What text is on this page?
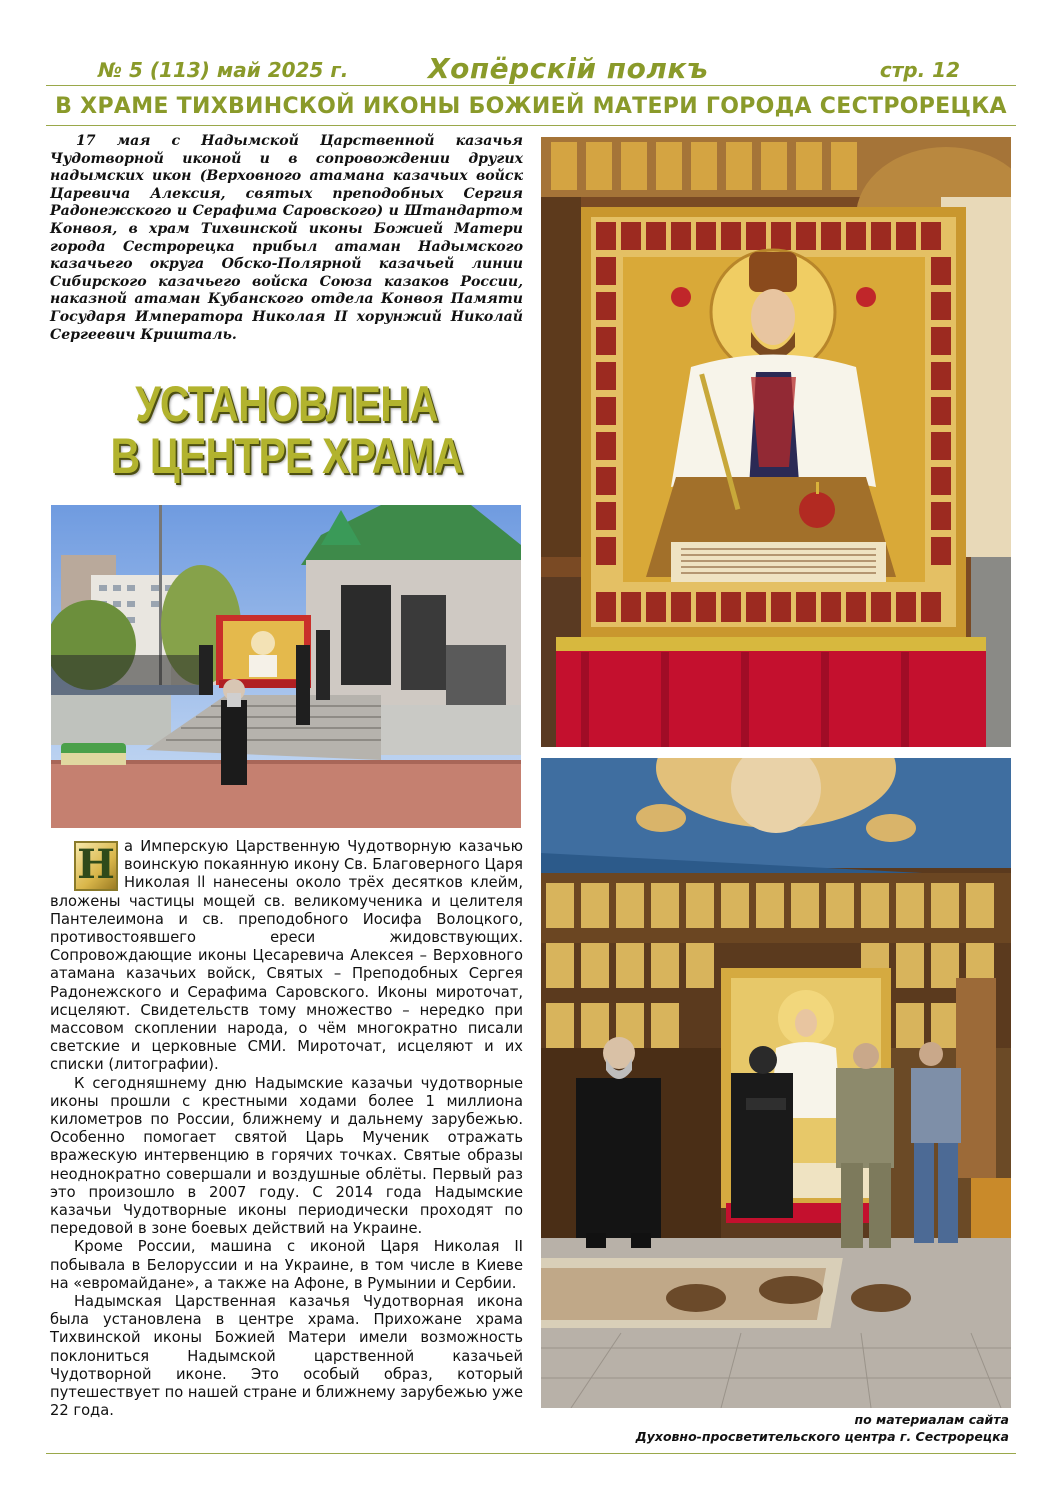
№ 5 (113) май 2025 г.	Хопёрскiй полкъ	стр. 12
В ХРАМЕ ТИХВИНСКОЙ ИКОНЫ БОЖИЕЙ МАТЕРИ ГОРОДА СЕСТРОРЕЦКА

17 мая с Надымской Царственной казачья Чудотворной иконой и в сопровождении других надымских икон (Верховного атамана казачьих войск Царевича Алексия, святых преподобных Сергия Радонежского и Серафима Саровского) и Штандартом Конвоя, в храм Тихвинской иконы Божией Матери города Сестрорецка прибыл атаман Надымского казачьего округа Обско-Полярной казачьей линии Сибирского казачьего войска Союза казаков России, наказной атаман Кубанского отдела Конвоя Памяти Государя Императора Николая II хорунжий Николай Сергеевич Кришталь.

УСТАНОВЛЕНА
В ЦЕНТРЕ ХРАМА
Н а Имперскую Царственную Чудотворную казачью воинскую покаянную икону Св. Благоверного Царя Николая ll нанесены около трёх десятков клейм, вложены частицы мощей св. великомученика и целителя Пантелеимона и св. преподобного Иосифа Волоцкого, противостоявшего ереси жидовствующих. Сопровождающие иконы Цесаревича Алексея – Верховного атамана казачьих войск, Святых – Преподобных Сергея Радонежского и Серафима Саровского. Иконы мироточат, исцеляют. Свидетельств тому множество – нередко при массовом скоплении народа, о чём многократно писали светские и церковные СМИ. Мироточат, исцеляют и их списки (литографии).

К сегодняшнему дню Надымские казачьи чудотворные иконы прошли с крестными ходами более 1 миллиона километров по России, ближнему и дальнему зарубежью. Особенно помогает святой Царь Мученик отражать вражескую интервенцию в горячих точках. Святые образы неоднократно совершали и воздушные облёты. Первый раз это произошло в 2007 году. С 2014 года Надымские казачьи Чудотворные иконы периодически проходят по передовой в зоне боевых действий на Украине.

Кроме России, машина с иконой Царя Николая II побывала в Белоруссии и на Украине, в том числе в Киеве на «евромайдане», а также на Афоне, в Румынии и Сербии.

Надымская Царственная казачья Чудотворная икона была установлена в центре храма. Прихожане храма Тихвинской иконы Божией Матери имели возможность поклониться Надымской царственной казачьей Чудотворной иконе. Это особый образ, который путешествует по нашей стране и ближнему зарубежью уже 22 года.

по материалам сайта
Духовно-просветительского центра г. Сестрорецка
